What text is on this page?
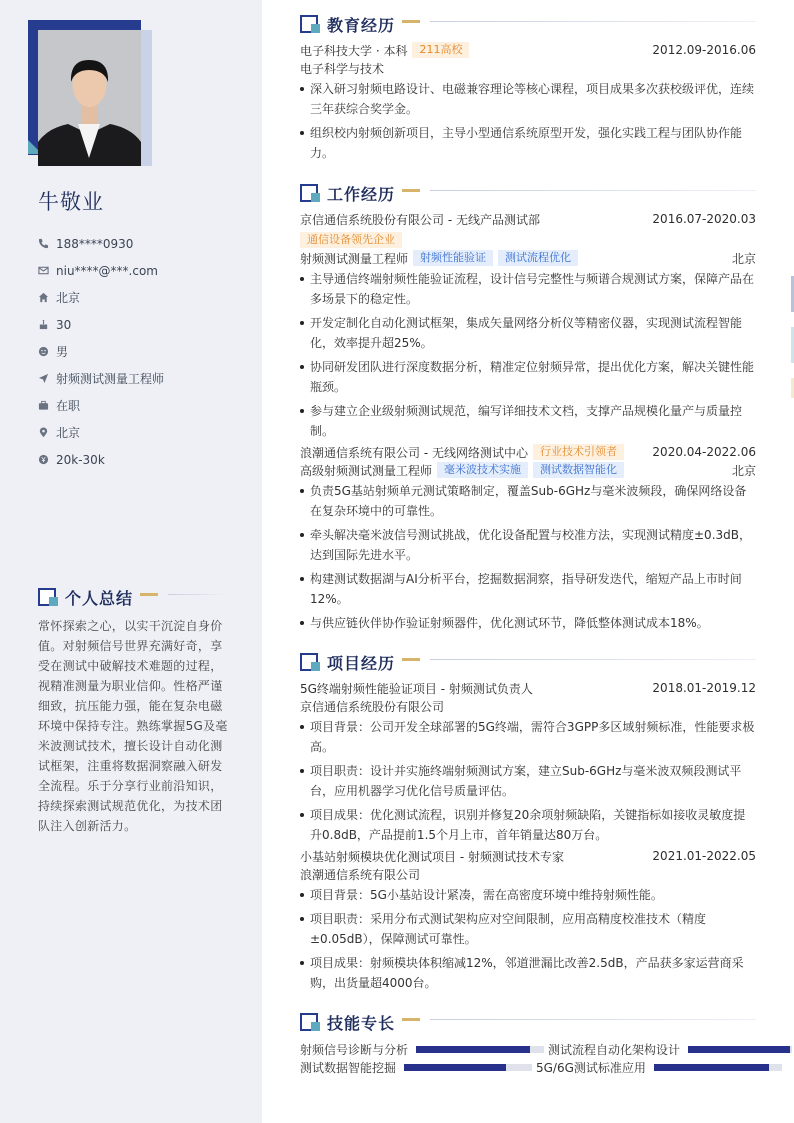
牛敬业
188****0930
niu****@***.com
北京
30
男
射频测试测量工程师
在职
北京
20k-30k
个人总结
常怀探索之心，以实干沉淀自身价值。对射频信号世界充满好奇，享受在测试中破解技术难题的过程，视精准测量为职业信仰。性格严谨细致，抗压能力强，能在复杂电磁环境中保持专注。熟练掌握5G及毫米波测试技术，擅长设计自动化测试框架，注重将数据洞察融入研发全流程。乐于分享行业前沿知识，持续探索测试规范优化，为技术团队注入创新活力。
教育经历
电子科技大学 · 本科	211高校	2012.09-2016.06
电子科学与技术
深入研习射频电路设计、电磁兼容理论等核心课程，项目成果多次获校级评优，连续三年获综合奖学金。
组织校内射频创新项目，主导小型通信系统原型开发，强化实践工程与团队协作能力。
工作经历
京信通信系统股份有限公司 - 无线产品测试部	2016.07-2020.03
通信设备领先企业
射频测试测量工程师	射频性能验证	测试流程优化	北京
主导通信终端射频性能验证流程，设计信号完整性与频谱合规测试方案，保障产品在多场景下的稳定性。
开发定制化自动化测试框架，集成矢量网络分析仪等精密仪器，实现测试流程智能化，效率提升超25%。
协同研发团队进行深度数据分析，精准定位射频异常，提出优化方案，解决关键性能瓶颈。
参与建立企业级射频测试规范，编写详细技术文档，支撑产品规模化量产与质量控制。
浪潮通信系统有限公司 - 无线网络测试中心	行业技术引领者	2020.04-2022.06
高级射频测试测量工程师	毫米波技术实施	测试数据智能化	北京
负责5G基站射频单元测试策略制定，覆盖Sub-6GHz与毫米波频段，确保网络设备在复杂环境中的可靠性。
牵头解决毫米波信号测试挑战，优化设备配置与校准方法，实现测试精度±0.3dB，达到国际先进水平。
构建测试数据湖与AI分析平台，挖掘数据洞察，指导研发迭代，缩短产品上市时间12%。
与供应链伙伴协作验证射频器件，优化测试环节，降低整体测试成本18%。
项目经历
5G终端射频性能验证项目 - 射频测试负责人	2018.01-2019.12
京信通信系统股份有限公司
项目背景：公司开发全球部署的5G终端，需符合3GPP多区域射频标准，性能要求极高。
项目职责：设计并实施终端射频测试方案，建立Sub-6GHz与毫米波双频段测试平台，应用机器学习优化信号质量评估。
项目成果：优化测试流程，识别并修复20余项射频缺陷，关键指标如接收灵敏度提升0.8dB，产品提前1.5个月上市，首年销量达80万台。
小基站射频模块优化测试项目 - 射频测试技术专家	2021.01-2022.05
浪潮通信系统有限公司
项目背景：5G小基站设计紧凑，需在高密度环境中维持射频性能。
项目职责：采用分布式测试架构应对空间限制，应用高精度校准技术（精度±0.05dB），保障测试可靠性。
项目成果：射频模块体积缩减12%，邻道泄漏比改善2.5dB，产品获多家运营商采购，出货量超4000台。
技能专长
射频信号诊断与分析	测试流程自动化架构设计
测试数据智能挖掘	5G/6G测试标准应用
